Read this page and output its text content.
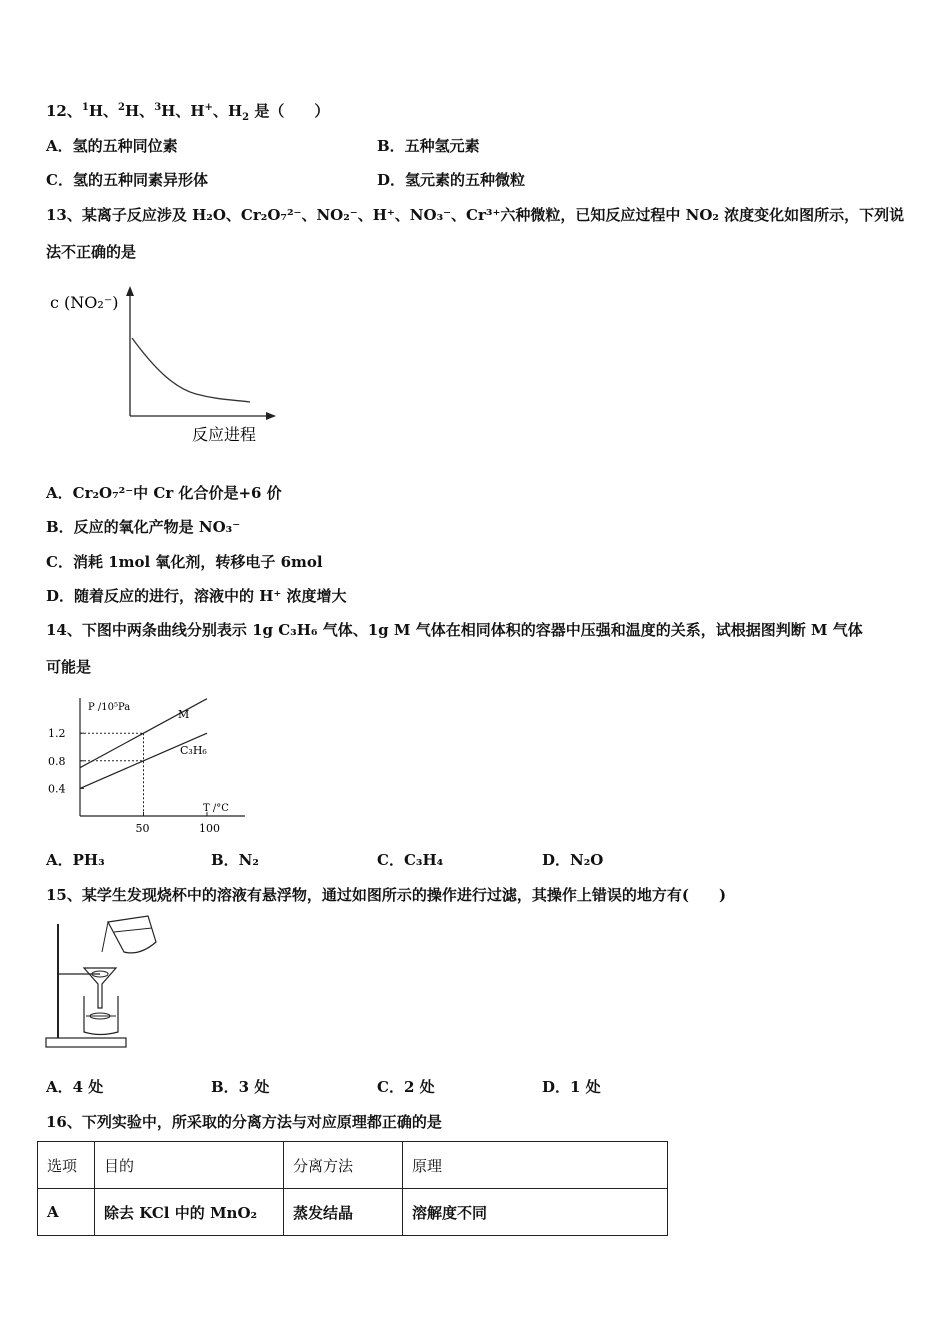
12、$^1$H、$^2$H、$^3$H、H+、$H_2$ 是（　　）
A．氢的五种同位素	B．五种氢元素
C．氢的五种同素异形体	D．氢元素的五种微粒
13、某离子反应涉及 H₂O、Cr₂O₇²⁻、NO₂⁻、H⁺、NO₃⁻、Cr³⁺六种微粒，已知反应过程中 NO₂ 浓度变化如图所示，下列说
法不正确的是
c (NO₂⁻)
反应进程
A．Cr₂O₇²⁻中 Cr 化合价是+6 价
B．反应的氧化产物是 NO₃⁻
C．消耗 1mol 氧化剂，转移电子 6mol
D．随着反应的进行，溶液中的 H⁺ 浓度增大
14、下图中两条曲线分别表示 1g C₃H₆ 气体、1g M 气体在相同体积的容器中压强和温度的关系，试根据图判断 M 气体
可能是
P /10⁵Pa
T /°C
0.4
0.8
1.2
50	100
M
C₃H₆
A．PH₃	B．N₂	C．C₃H₄	D．N₂O
15、某学生发现烧杯中的溶液有悬浮物，通过如图所示的操作进行过滤，其操作上错误的地方有(　　)
A．4 处	B．3 处	C．2 处	D．1 处
16、下列实验中，所采取的分离方法与对应原理都正确的是
选项	目的	分离方法	原理
A	除去 KCl 中的 MnO₂	蒸发结晶	溶解度不同
